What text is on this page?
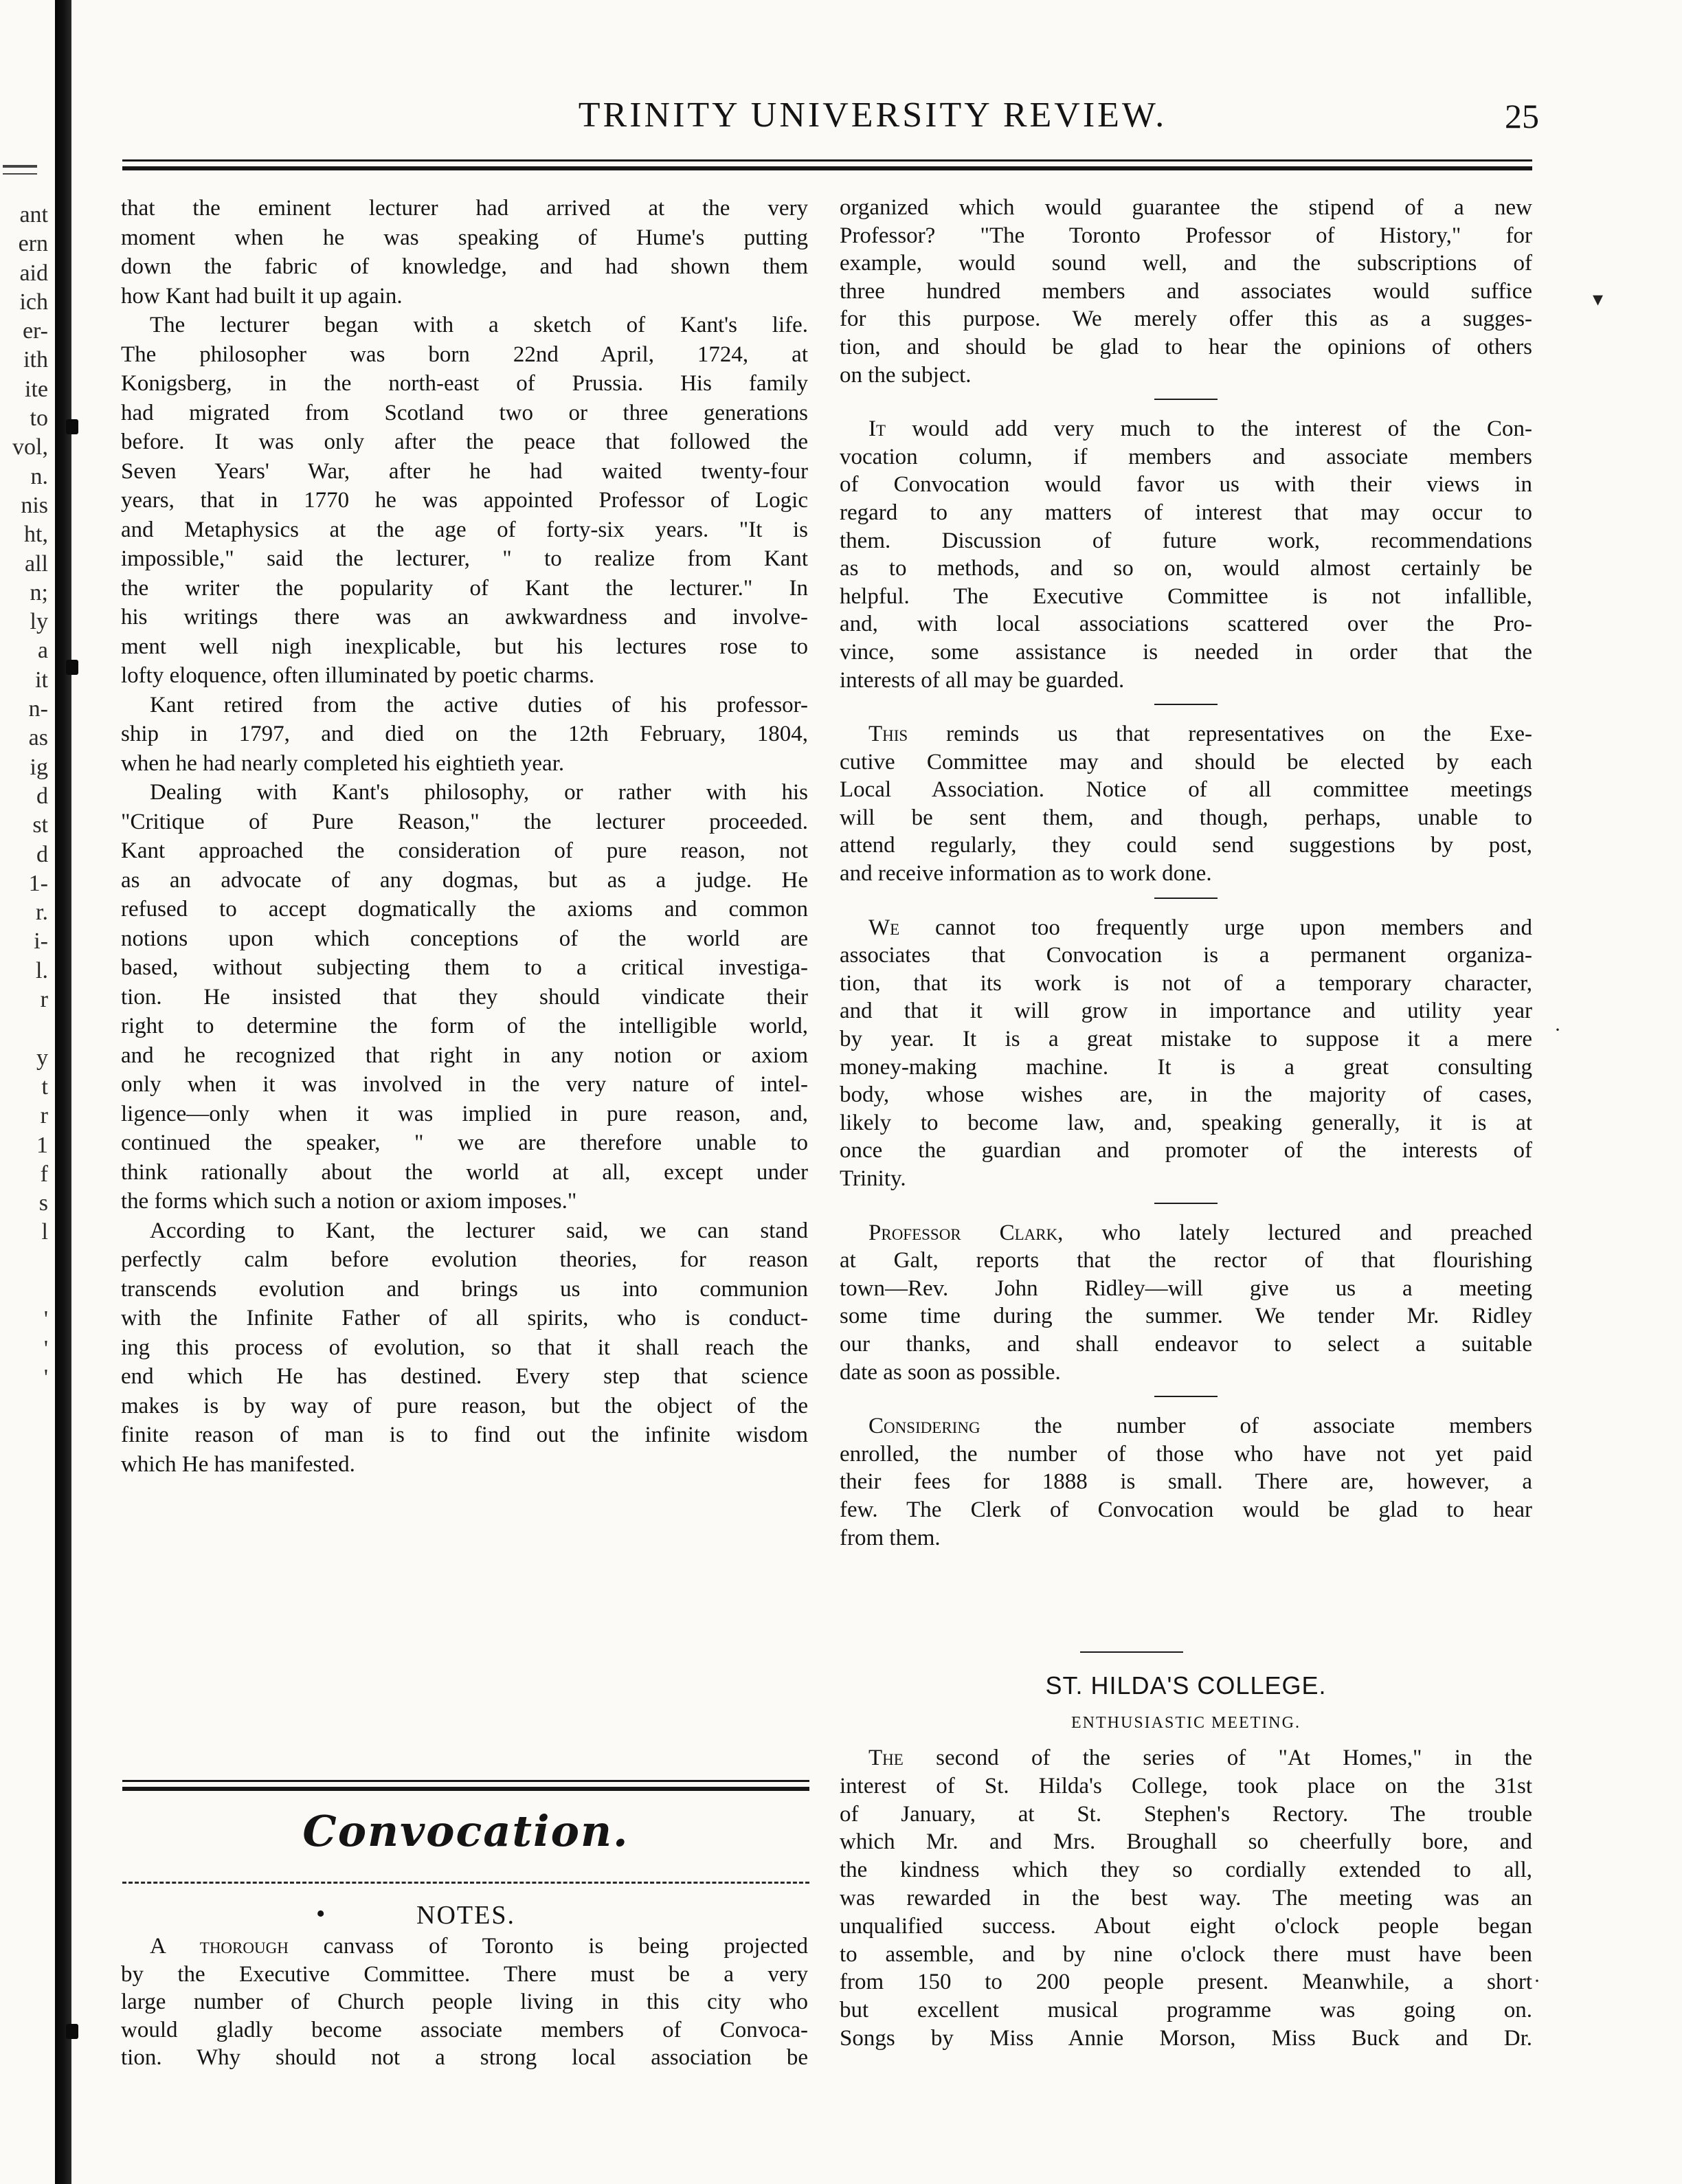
ant
ern
aid
ich
er-
ith
ite
to
vol,
n.
nis
ht,
all
n;
ly
a
it
n-
as
ig
d
st
d
1-
r.
i-
l.
r
y
t
r
1
f
s
l
'
'
'
TRINITY UNIVERSITY REVIEW.	25
that the eminent lecturer had arrived at the very
moment when he was speaking of Hume's putting
down the fabric of knowledge, and had shown them
how Kant had built it up again.
The lecturer began with a sketch of Kant's life.
The philosopher was born 22nd April, 1724, at
Konigsberg, in the north-east of Prussia. His family
had migrated from Scotland two or three generations
before. It was only after the peace that followed the
Seven Years' War, after he had waited twenty-four
years, that in 1770 he was appointed Professor of Logic
and Metaphysics at the age of forty-six years. "It is
impossible," said the lecturer, " to realize from Kant
the writer the popularity of Kant the lecturer." In
his writings there was an awkwardness and involve-
ment well nigh inexplicable, but his lectures rose to
lofty eloquence, often illuminated by poetic charms.
Kant retired from the active duties of his professor-
ship in 1797, and died on the 12th February, 1804,
when he had nearly completed his eightieth year.
Dealing with Kant's philosophy, or rather with his
"Critique of Pure Reason," the lecturer proceeded.
Kant approached the consideration of pure reason, not
as an advocate of any dogmas, but as a judge. He
refused to accept dogmatically the axioms and common
notions upon which conceptions of the world are
based, without subjecting them to a critical investiga-
tion. He insisted that they should vindicate their
right to determine the form of the intelligible world,
and he recognized that right in any notion or axiom
only when it was involved in the very nature of intel-
ligence—only when it was implied in pure reason, and,
continued the speaker, " we are therefore unable to
think rationally about the world at all, except under
the forms which such a notion or axiom imposes."
According to Kant, the lecturer said, we can stand
perfectly calm before evolution theories, for reason
transcends evolution and brings us into communion
with the Infinite Father of all spirits, who is conduct-
ing this process of evolution, so that it shall reach the
end which He has destined. Every step that science
makes is by way of pure reason, but the object of the
finite reason of man is to find out the infinite wisdom
which He has manifested.
Convocation.
•	NOTES.
A thorough canvass of Toronto is being projected
by the Executive Committee. There must be a very
large number of Church people living in this city who
would gladly become associate members of Convoca-
tion. Why should not a strong local association be
organized which would guarantee the stipend of a new
Professor? "The Toronto Professor of History," for
example, would sound well, and the subscriptions of
three hundred members and associates would suffice
for this purpose. We merely offer this as a sugges-
tion, and should be glad to hear the opinions of others
on the subject.
It would add very much to the interest of the Con-
vocation column, if members and associate members
of Convocation would favor us with their views in
regard to any matters of interest that may occur to
them. Discussion of future work, recommendations
as to methods, and so on, would almost certainly be
helpful. The Executive Committee is not infallible,
and, with local associations scattered over the Pro-
vince, some assistance is needed in order that the
interests of all may be guarded.
This reminds us that representatives on the Exe-
cutive Committee may and should be elected by each
Local Association. Notice of all committee meetings
will be sent them, and though, perhaps, unable to
attend regularly, they could send suggestions by post,
and receive information as to work done.
We cannot too frequently urge upon members and
associates that Convocation is a permanent organiza-
tion, that its work is not of a temporary character,
and that it will grow in importance and utility year
by year. It is a great mistake to suppose it a mere
money-making machine. It is a great consulting
body, whose wishes are, in the majority of cases,
likely to become law, and, speaking generally, it is at
once the guardian and promoter of the interests of
Trinity.
Professor Clark, who lately lectured and preached
at Galt, reports that the rector of that flourishing
town—Rev. John Ridley—will give us a meeting
some time during the summer. We tender Mr. Ridley
our thanks, and shall endeavor to select a suitable
date as soon as possible.
Considering the number of associate members
enrolled, the number of those who have not yet paid
their fees for 1888 is small. There are, however, a
few. The Clerk of Convocation would be glad to hear
from them.
ST. HILDA'S COLLEGE.
ENTHUSIASTIC MEETING.
The second of the series of "At Homes," in the
interest of St. Hilda's College, took place on the 31st
of January, at St. Stephen's Rectory. The trouble
which Mr. and Mrs. Broughall so cheerfully bore, and
the kindness which they so cordially extended to all,
was rewarded in the best way. The meeting was an
unqualified success. About eight o'clock people began
to assemble, and by nine o'clock there must have been
from 150 to 200 people present. Meanwhile, a short
but excellent musical programme was going on.
Songs by Miss Annie Morson, Miss Buck and Dr.
▾
·
·
